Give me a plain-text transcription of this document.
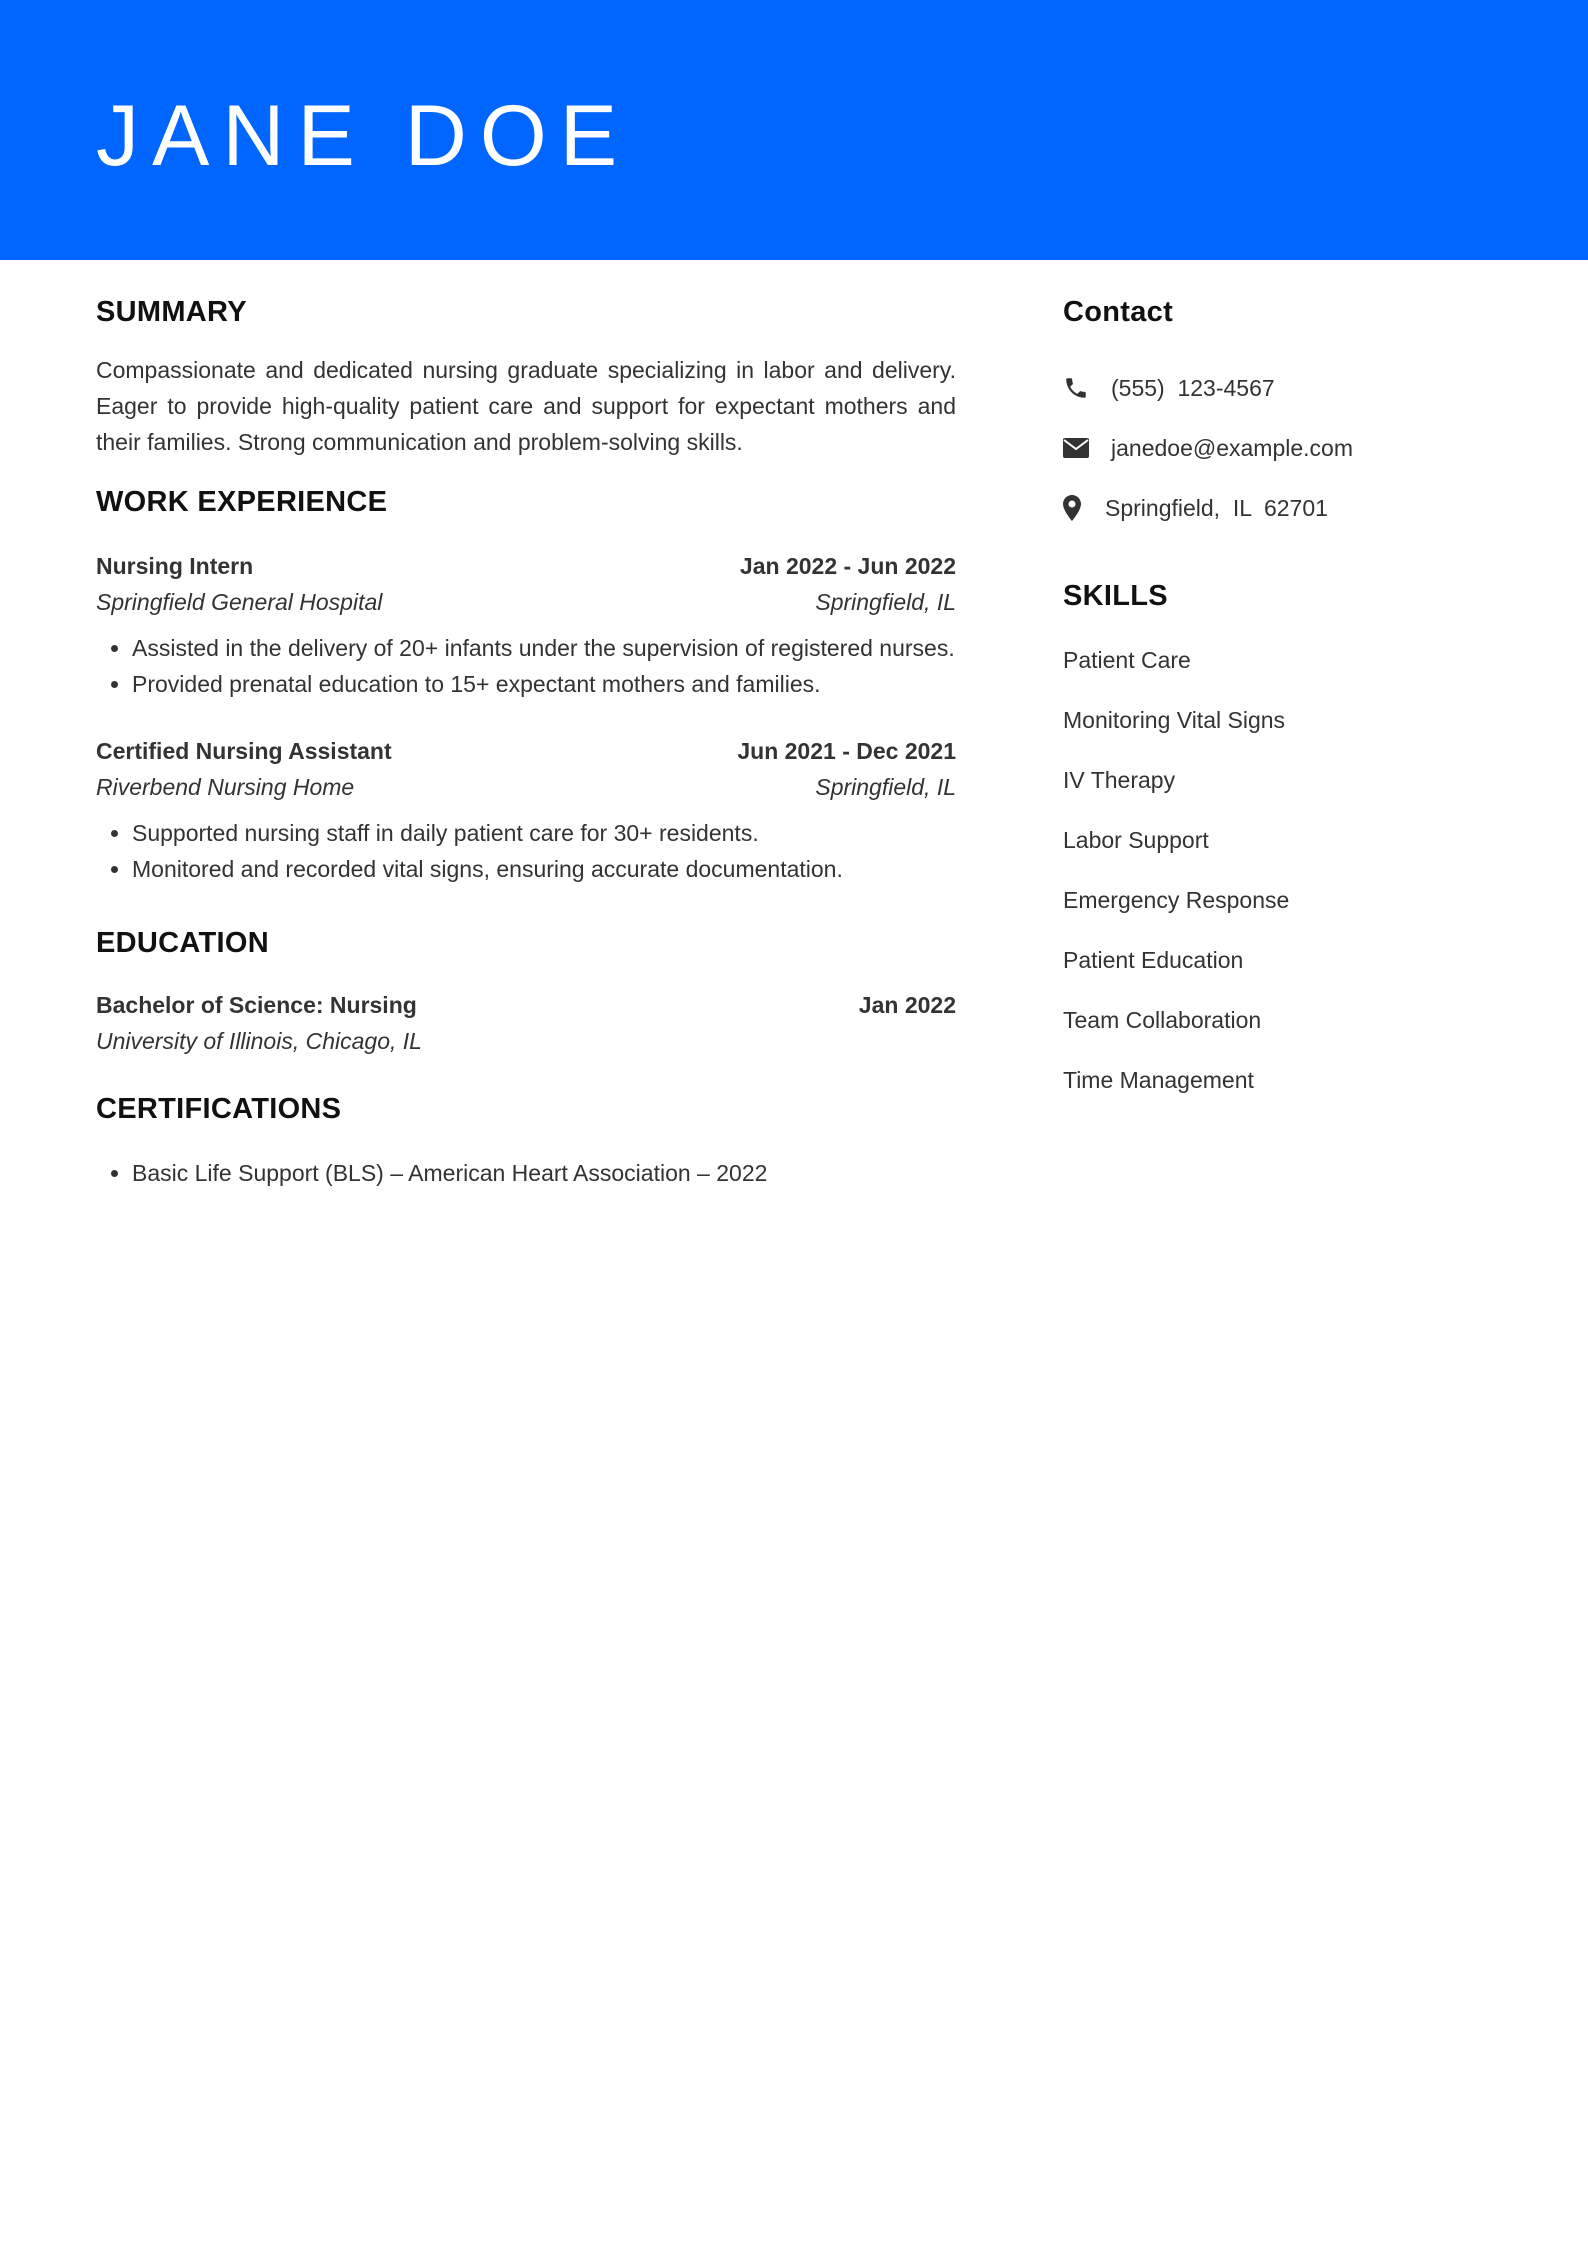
JANE DOE
SUMMARY

Compassionate and dedicated nursing graduate specializing in labor and delivery. Eager to provide high-quality patient care and support for expectant mothers and their families. Strong communication and problem-solving skills.

WORK EXPERIENCE
Nursing Intern	Jan 2022 - Jun 2022
Springfield General Hospital	Springfield, IL
• Assisted in the delivery of 20+ infants under the supervision of registered nurses.
• Provided prenatal education to 15+ expectant mothers and families.
Certified Nursing Assistant	Jun 2021 - Dec 2021
Riverbend Nursing Home	Springfield, IL
• Supported nursing staff in daily patient care for 30+ residents.
• Monitored and recorded vital signs, ensuring accurate documentation.
EDUCATION
Bachelor of Science: Nursing	Jan 2022
University of Illinois, Chicago, IL
CERTIFICATIONS
• Basic Life Support (BLS) – American Heart Association – 2022
Contact
(555)  123-4567
janedoe@example.com
Springfield,  IL  62701
SKILLS
Patient Care
Monitoring Vital Signs
IV Therapy
Labor Support
Emergency Response
Patient Education
Team Collaboration
Time Management
